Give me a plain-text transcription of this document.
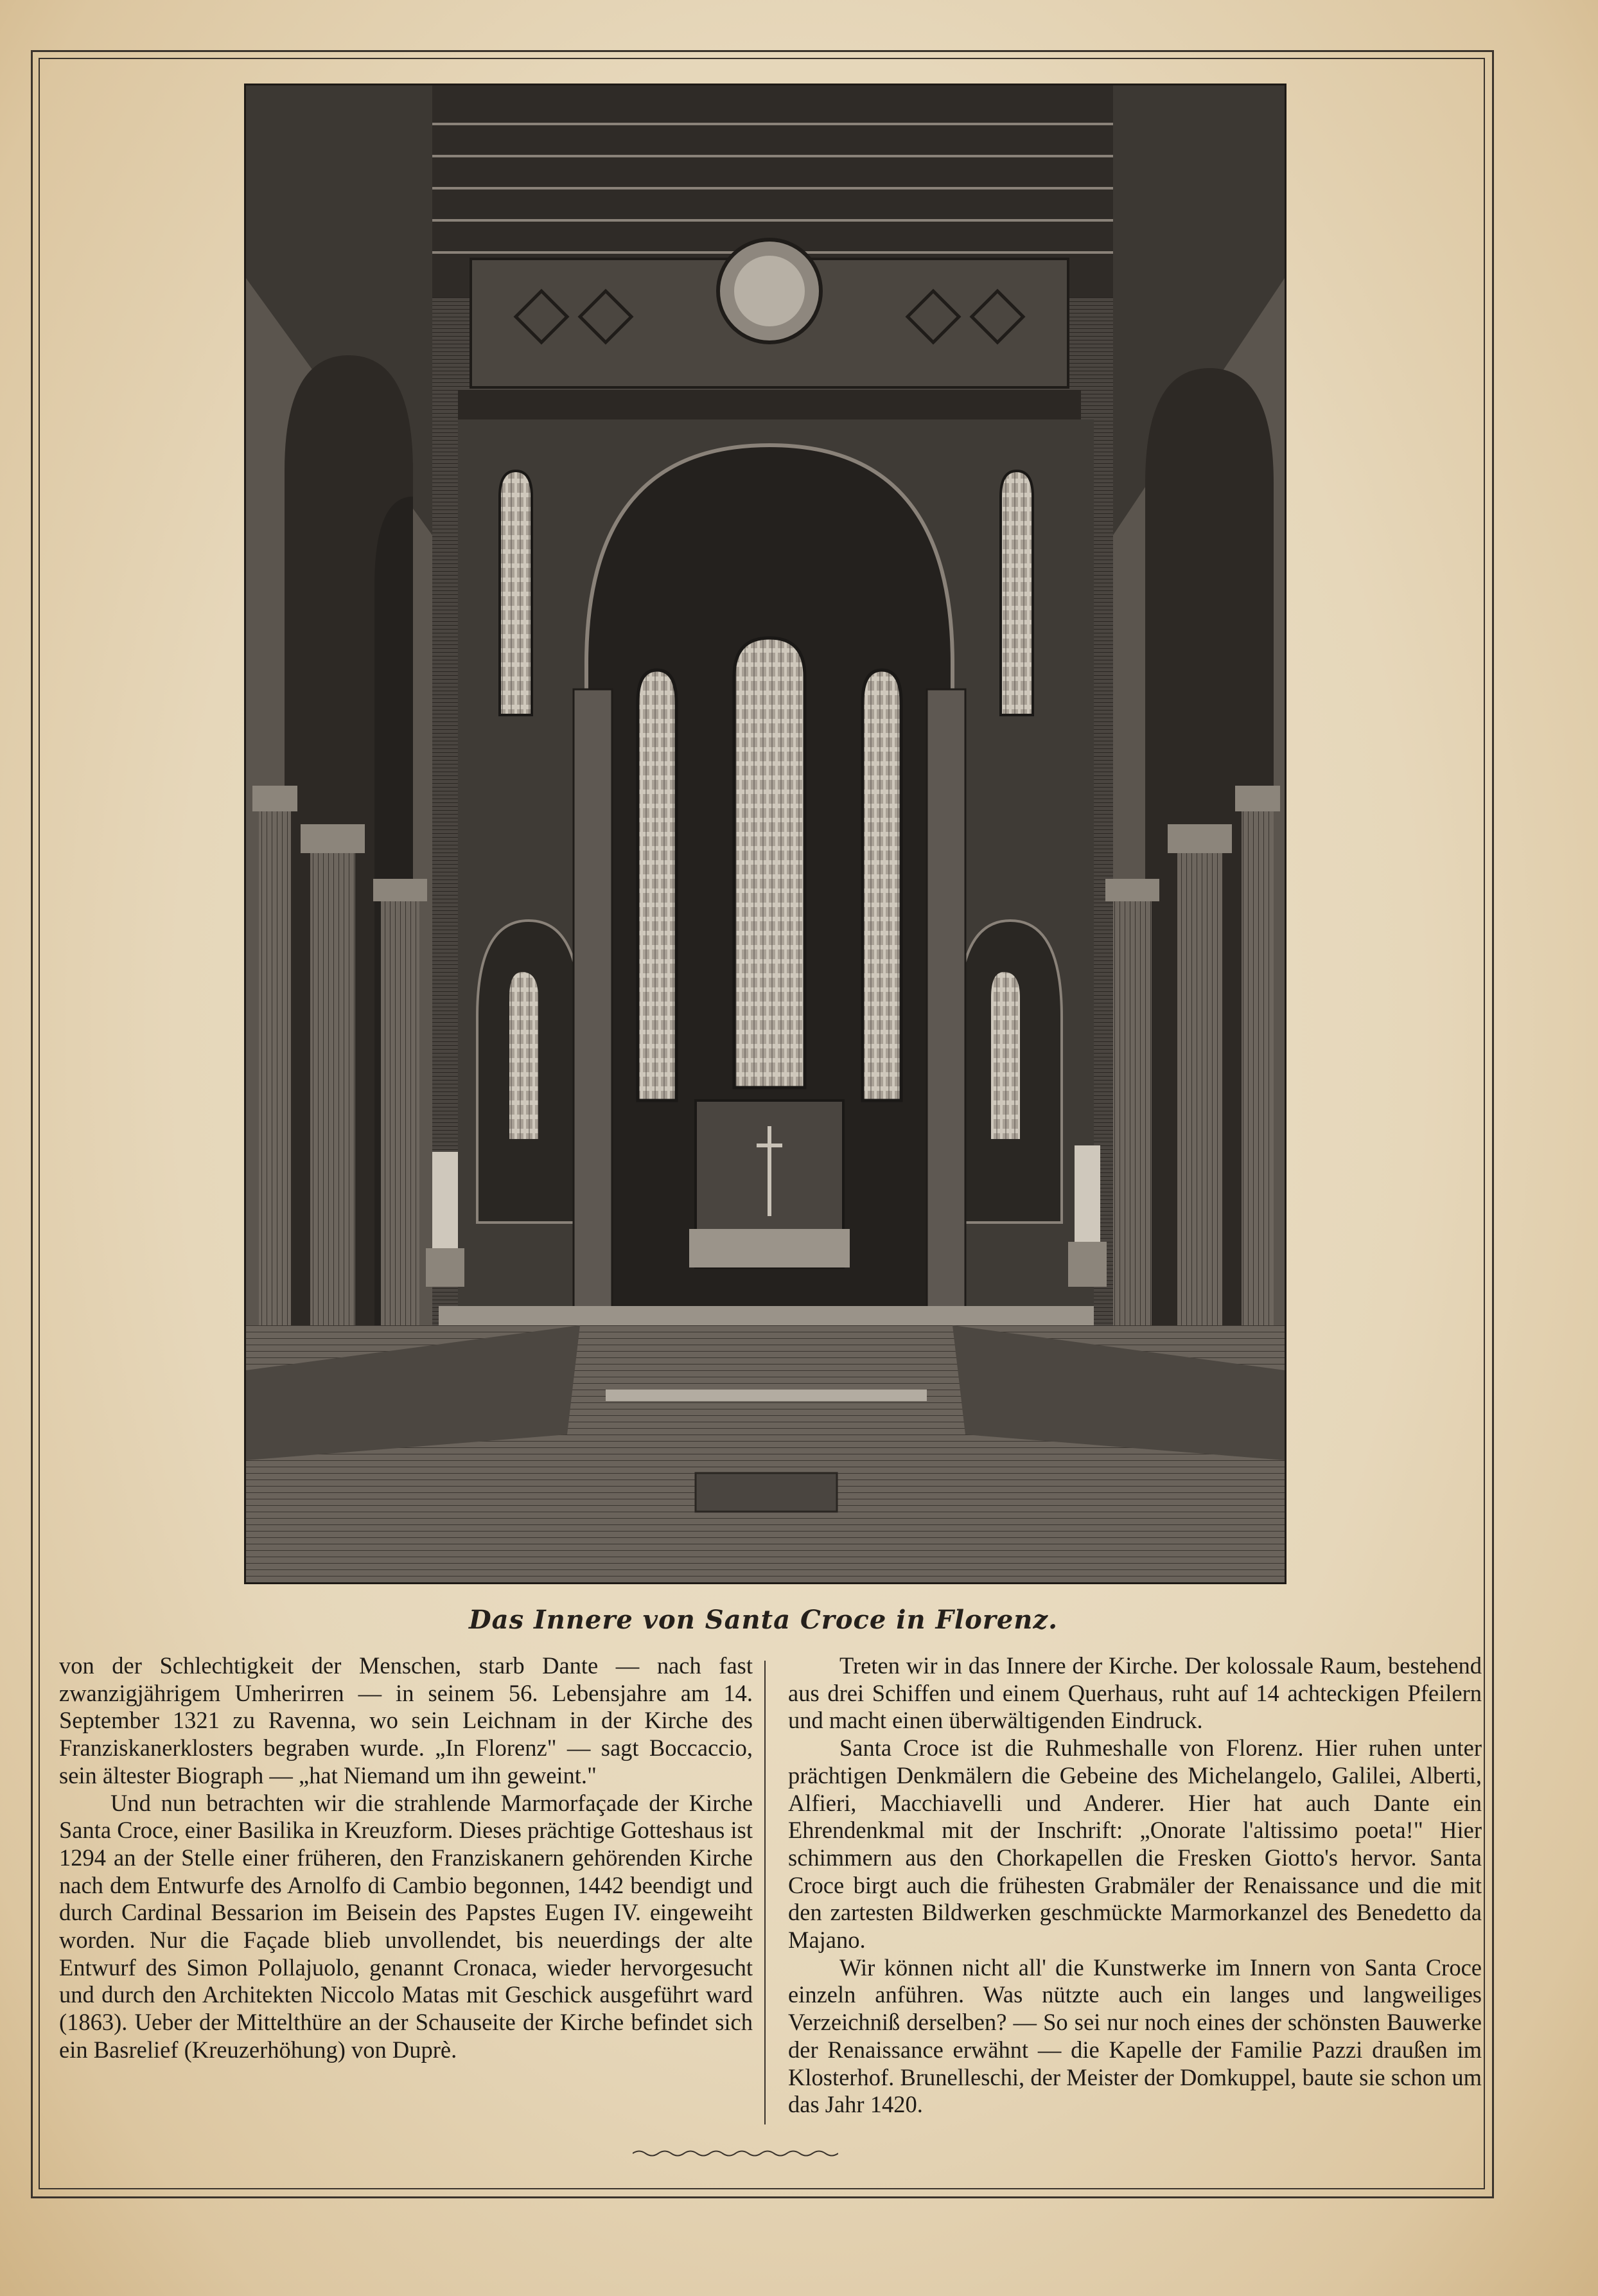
Das Innere von Santa Croce in Florenz.

von der Schlechtigkeit der Menschen, starb Dante — nach fast zwanzigjährigem Umherirren — in seinem 56. Lebensjahre am 14. September 1321 zu Ravenna, wo sein Leichnam in der Kirche des Franziskanerklosters begraben wurde. „In Florenz" — sagt Boccaccio, sein ältester Biograph — „hat Niemand um ihn geweint."

Und nun betrachten wir die strahlende Marmorfaçade der Kirche Santa Croce, einer Basilika in Kreuzform. Dieses prächtige Gotteshaus ist 1294 an der Stelle einer früheren, den Franziskanern gehörenden Kirche nach dem Entwurfe des Arnolfo di Cambio begonnen, 1442 beendigt und durch Cardinal Bessarion im Beisein des Papstes Eugen IV. eingeweiht worden. Nur die Façade blieb unvollendet, bis neuerdings der alte Entwurf des Simon Pollajuolo, genannt Cronaca, wieder hervorgesucht und durch den Architekten Niccolo Matas mit Geschick ausgeführt ward (1863). Ueber der Mittelthüre an der Schauseite der Kirche befindet sich ein Basrelief (Kreuzerhöhung) von Duprè.

Treten wir in das Innere der Kirche. Der kolossale Raum, bestehend aus drei Schiffen und einem Querhaus, ruht auf 14 achteckigen Pfeilern und macht einen überwältigenden Eindruck.

Santa Croce ist die Ruhmeshalle von Florenz. Hier ruhen unter prächtigen Denkmälern die Gebeine des Michelangelo, Galilei, Alberti, Alfieri, Macchiavelli und Anderer. Hier hat auch Dante ein Ehrendenkmal mit der Inschrift: „Onorate l'altissimo poeta!" Hier schimmern aus den Chorkapellen die Fresken Giotto's hervor. Santa Croce birgt auch die frühesten Grabmäler der Renaissance und die mit den zartesten Bildwerken geschmückte Marmorkanzel des Benedetto da Majano.

Wir können nicht all' die Kunstwerke im Innern von Santa Croce einzeln anführen. Was nützte auch ein langes und langweiliges Verzeichniß derselben? — So sei nur noch eines der schönsten Bauwerke der Renaissance erwähnt — die Kapelle der Familie Pazzi draußen im Klosterhof. Brunelleschi, der Meister der Domkuppel, baute sie schon um das Jahr 1420.
